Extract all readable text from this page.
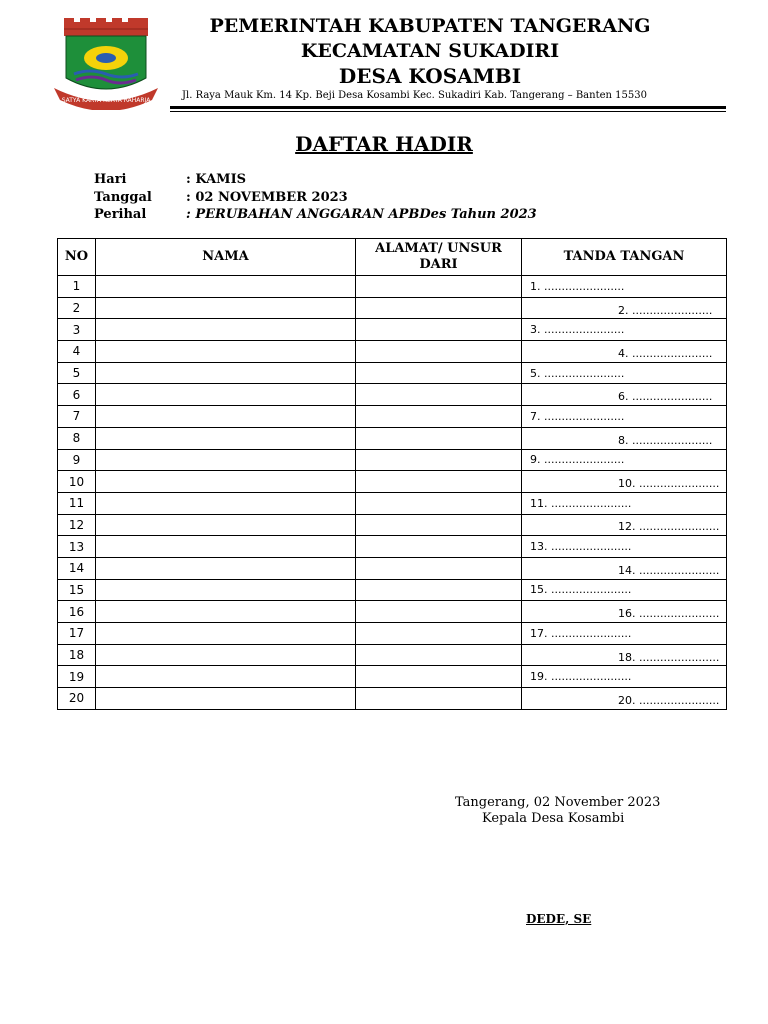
SATYA KARYA KERTA RAHARJA
PEMERINTAH KABUPATEN TANGERANG
KECAMATAN SUKADIRI
DESA KOSAMBI
Jl. Raya Mauk Km. 14 Kp. Beji Desa Kosambi Kec. Sukadiri Kab. Tangerang – Banten 15530
DAFTAR HADIR
Hari	: KAMIS
Tanggal	: 02 NOVEMBER 2023
Perihal	: PERUBAHAN ANGGARAN APBDes Tahun 2023
NO	NAMA	ALAMAT/ UNSUR DARI	TANDA TANGAN
1			1. .......................

2			2. .......................

3			3. .......................

4			4. .......................

5			5. .......................

6			6. .......................

7			7. .......................

8			8. .......................

9			9. .......................

10			10. .......................

11			11. .......................

12			12. .......................

13			13. .......................

14			14. .......................

15			15. .......................

16			16. .......................

17			17. .......................

18			18. .......................

19			19. .......................

20			20. .......................
Tangerang, 02 November 2023
Kepala Desa Kosambi
DEDE, SE
